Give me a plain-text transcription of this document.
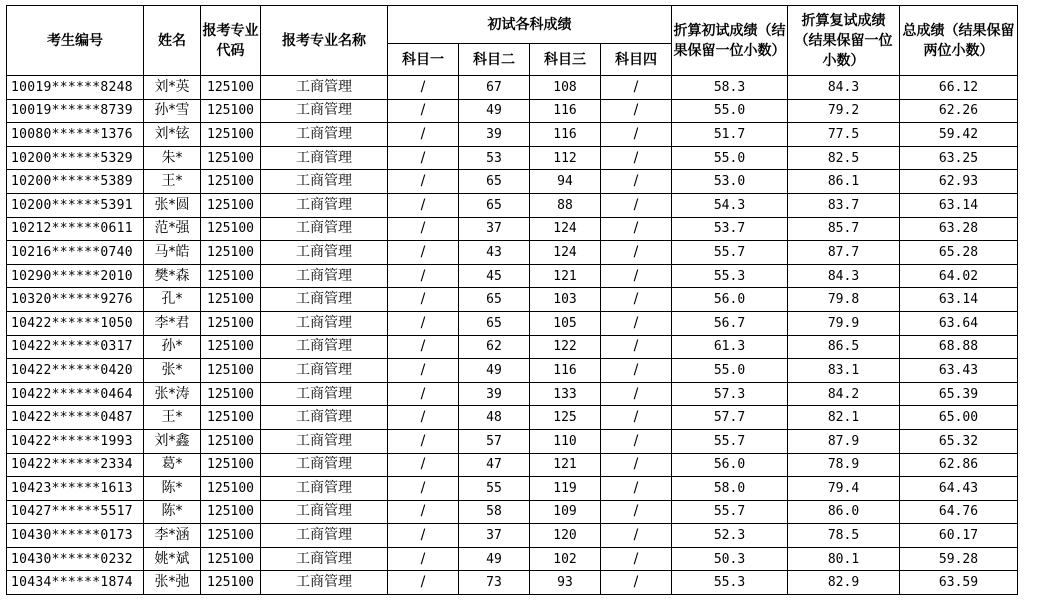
考生编号	姓名	报考专业代码	报考专业名称	初试各科成绩				折算初试成绩（结果保留一位小数）	折算复试成绩（结果保留一位小数）	总成绩（结果保留两位小数）
				科目一	科目二	科目三	科目四			
10019******8248	刘*英	125100	工商管理	/	67	108	/	58.3	84.3	66.12
10019******8739	孙*雪	125100	工商管理	/	49	116	/	55.0	79.2	62.26
10080******1376	刘*铉	125100	工商管理	/	39	116	/	51.7	77.5	59.42
10200******5329	朱*	125100	工商管理	/	53	112	/	55.0	82.5	63.25
10200******5389	王*	125100	工商管理	/	65	94	/	53.0	86.1	62.93
10200******5391	张*圆	125100	工商管理	/	65	88	/	54.3	83.7	63.14
10212******0611	范*强	125100	工商管理	/	37	124	/	53.7	85.7	63.28
10216******0740	马*皓	125100	工商管理	/	43	124	/	55.7	87.7	65.28
10290******2010	樊*森	125100	工商管理	/	45	121	/	55.3	84.3	64.02
10320******9276	孔*	125100	工商管理	/	65	103	/	56.0	79.8	63.14
10422******1050	李*君	125100	工商管理	/	65	105	/	56.7	79.9	63.64
10422******0317	孙*	125100	工商管理	/	62	122	/	61.3	86.5	68.88
10422******0420	张*	125100	工商管理	/	49	116	/	55.0	83.1	63.43
10422******0464	张*涛	125100	工商管理	/	39	133	/	57.3	84.2	65.39
10422******0487	王*	125100	工商管理	/	48	125	/	57.7	82.1	65.00
10422******1993	刘*鑫	125100	工商管理	/	57	110	/	55.7	87.9	65.32
10422******2334	葛*	125100	工商管理	/	47	121	/	56.0	78.9	62.86
10423******1613	陈*	125100	工商管理	/	55	119	/	58.0	79.4	64.43
10427******5517	陈*	125100	工商管理	/	58	109	/	55.7	86.0	64.76
10430******0173	李*涵	125100	工商管理	/	37	120	/	52.3	78.5	60.17
10430******0232	姚*斌	125100	工商管理	/	49	102	/	50.3	80.1	59.28
10434******1874	张*弛	125100	工商管理	/	73	93	/	55.3	82.9	63.59
